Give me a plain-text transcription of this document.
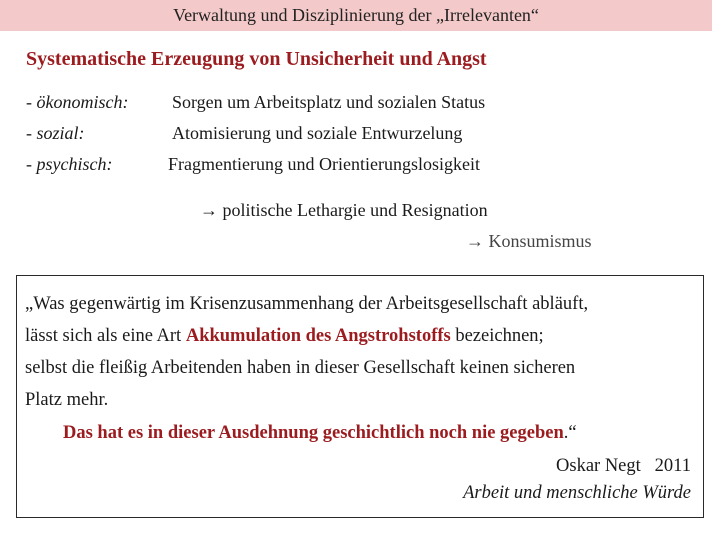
Verwaltung und Disziplinierung der „Irrelevanten“
Systematische Erzeugung von Unsicherheit und Angst
- ökonomisch: Sorgen um Arbeitsplatz und sozialen Status
- sozial:	Atomisierung und soziale Entwurzelung
- psychisch:	Fragmentierung und Orientierungslosigkeit
→ politische Lethargie und Resignation
→ Konsumismus
„Was gegenwärtig im Krisenzusammenhang der Arbeitsgesellschaft abläuft,
lässt sich als eine Art Akkumulation des Angstrohstoffs bezeichnen;
selbst die fleißig Arbeitenden haben in dieser Gesellschaft keinen sicheren
Platz mehr.
Das hat es in dieser Ausdehnung geschichtlich noch nie gegeben.“
Oskar Negt 2011
Arbeit und menschliche Würde
